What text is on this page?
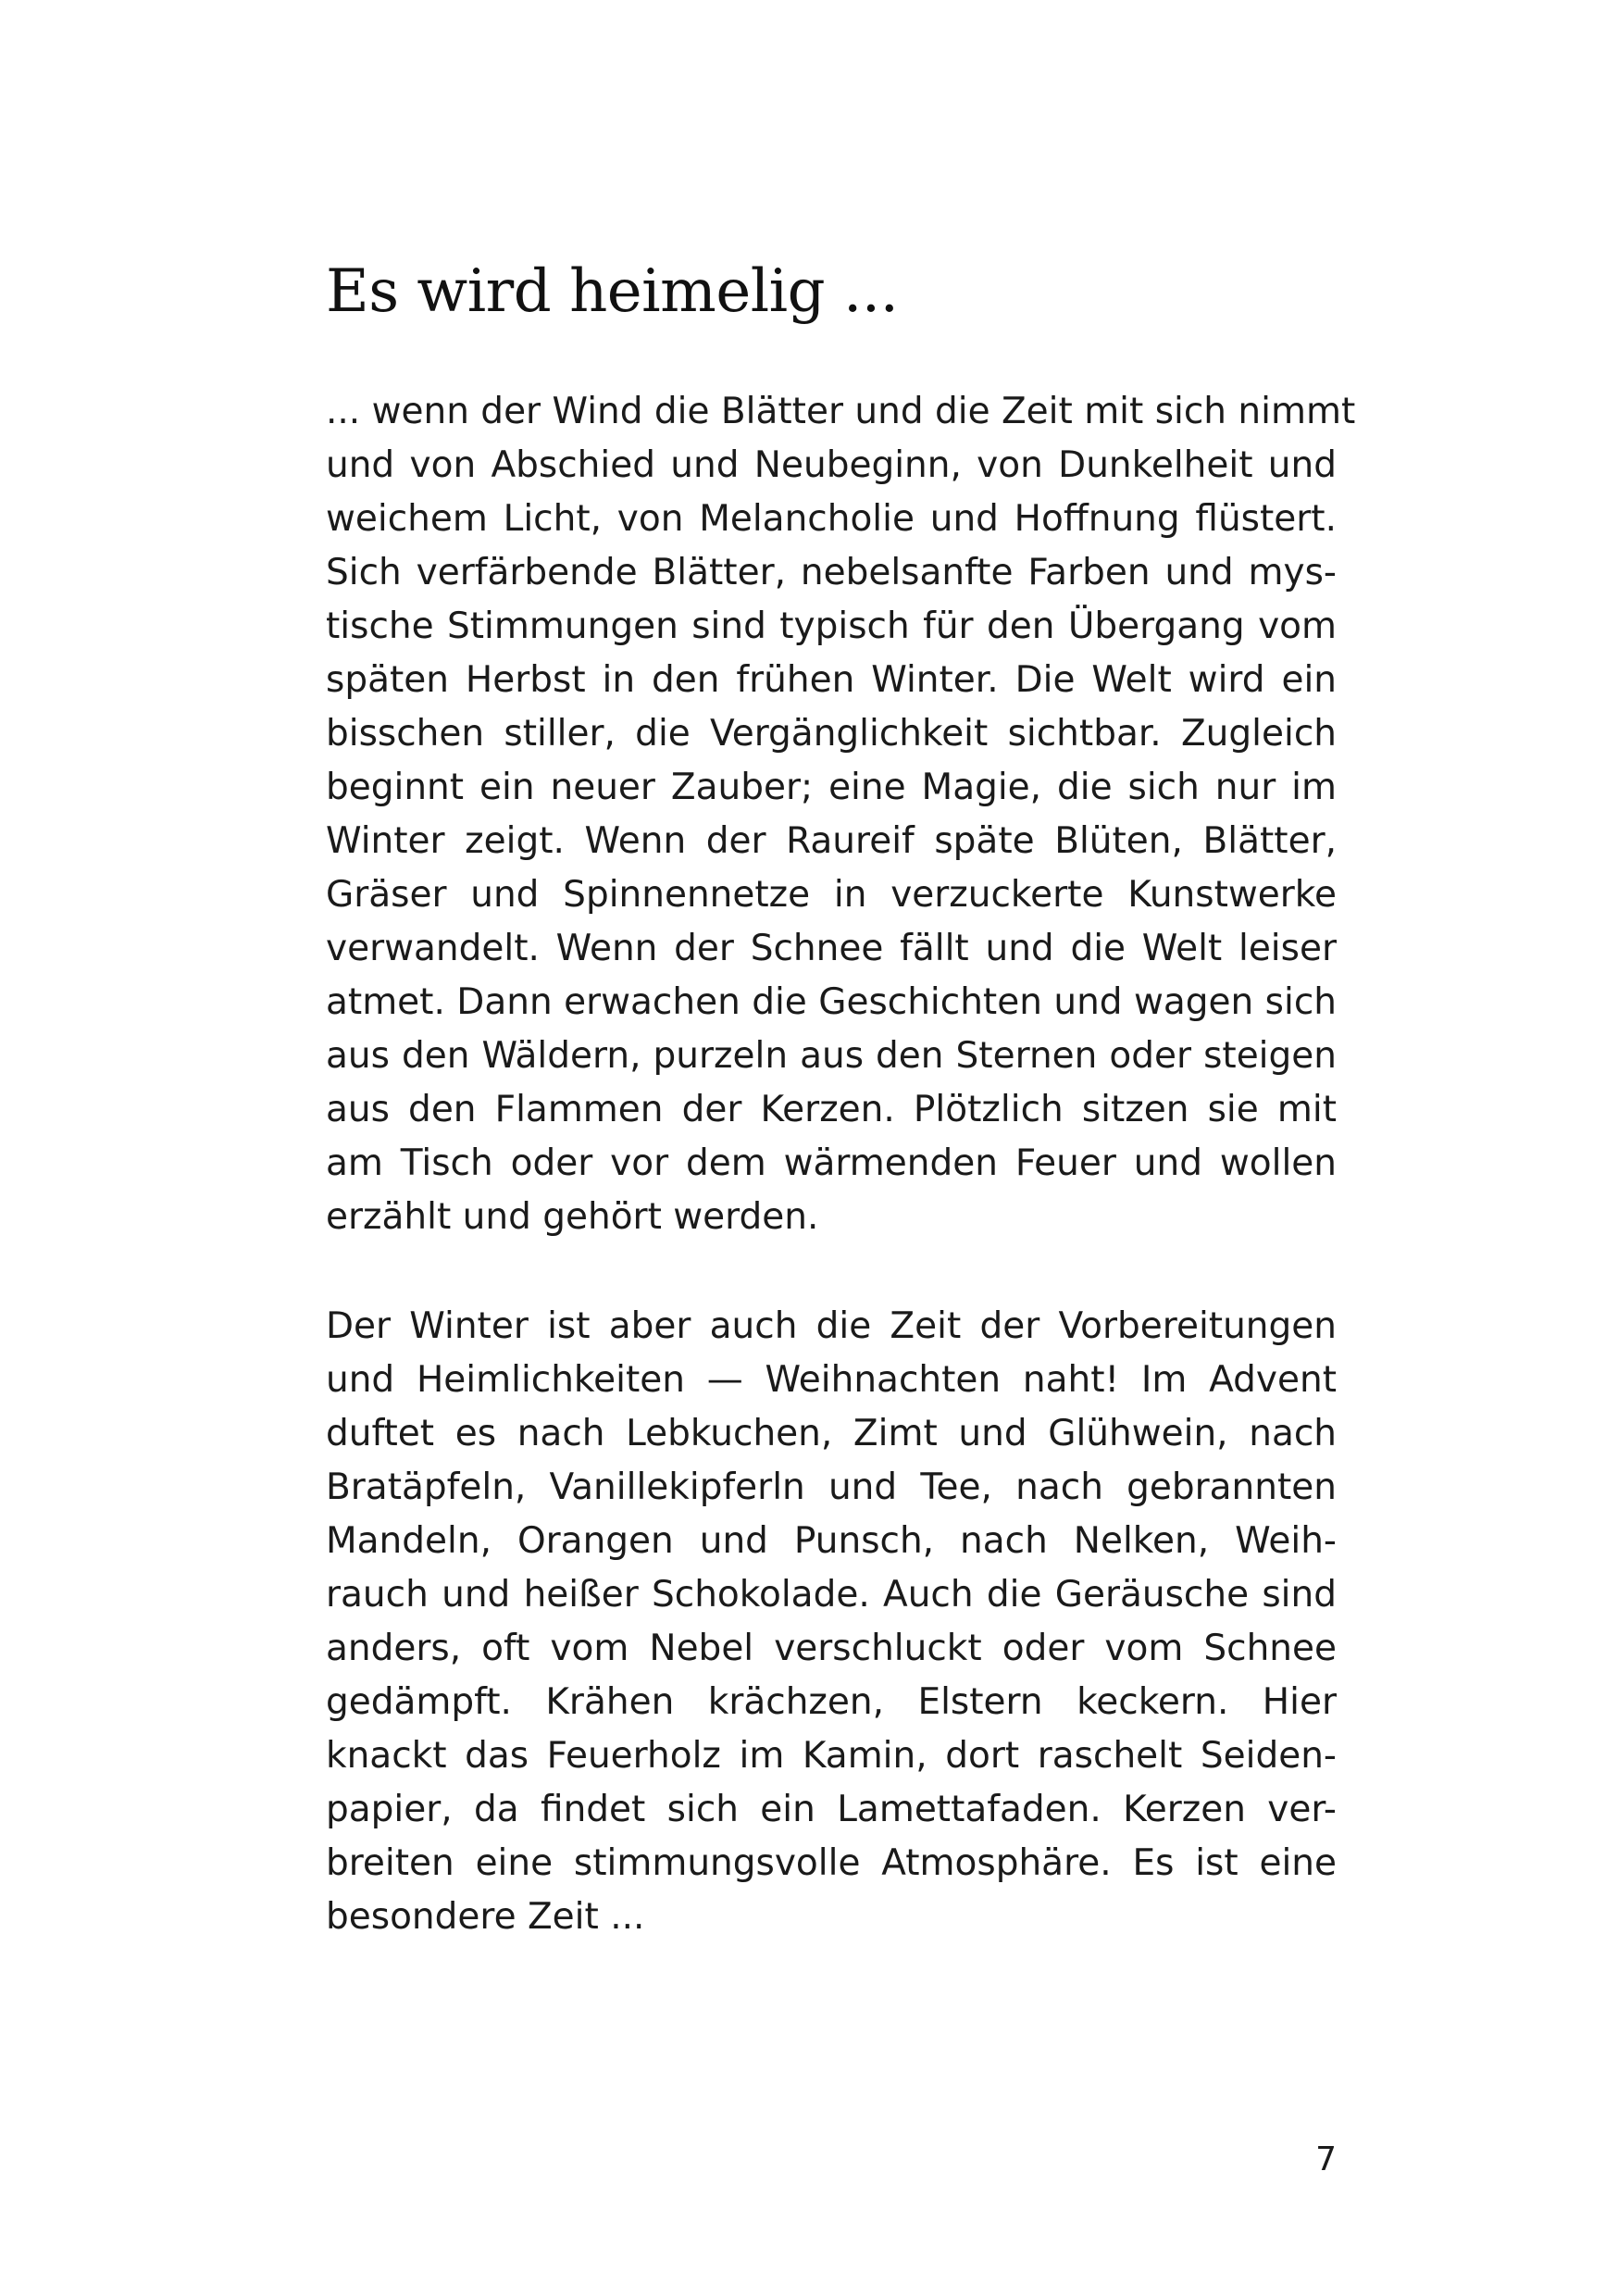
Es wird heimelig ...
... wenn der Wind die Blätter und die Zeit mit sich nimmt
und von Abschied und Neubeginn, von Dunkelheit und
weichem Licht, von Melancholie und Hoffnung flüstert.
Sich verfärbende Blätter, nebelsanfte Farben und mys-
tische Stimmungen sind typisch für den Übergang vom
späten Herbst in den frühen Winter. Die Welt wird ein
bisschen stiller, die Vergänglichkeit sichtbar. Zugleich
beginnt ein neuer Zauber; eine Magie, die sich nur im
Winter zeigt. Wenn der Raureif späte Blüten, Blätter,
Gräser und Spinnennetze in verzuckerte Kunstwerke
verwandelt. Wenn der Schnee fällt und die Welt leiser
atmet. Dann erwachen die Geschichten und wagen sich
aus den Wäldern, purzeln aus den Sternen oder steigen
aus den Flammen der Kerzen. Plötzlich sitzen sie mit
am Tisch oder vor dem wärmenden Feuer und wollen
erzählt und gehört werden.
Der Winter ist aber auch die Zeit der Vorbereitungen
und Heimlichkeiten — Weihnachten naht! Im Advent
duftet es nach Lebkuchen, Zimt und Glühwein, nach
Bratäpfeln, Vanillekipferln und Tee, nach gebrannten
Mandeln, Orangen und Punsch, nach Nelken, Weih-
rauch und heißer Schokolade. Auch die Geräusche sind
anders, oft vom Nebel verschluckt oder vom Schnee
gedämpft. Krähen krächzen, Elstern keckern. Hier
knackt das Feuerholz im Kamin, dort raschelt Seiden-
papier, da findet sich ein Lamettafaden. Kerzen ver-
breiten eine stimmungsvolle Atmosphäre. Es ist eine
besondere Zeit ...
7
